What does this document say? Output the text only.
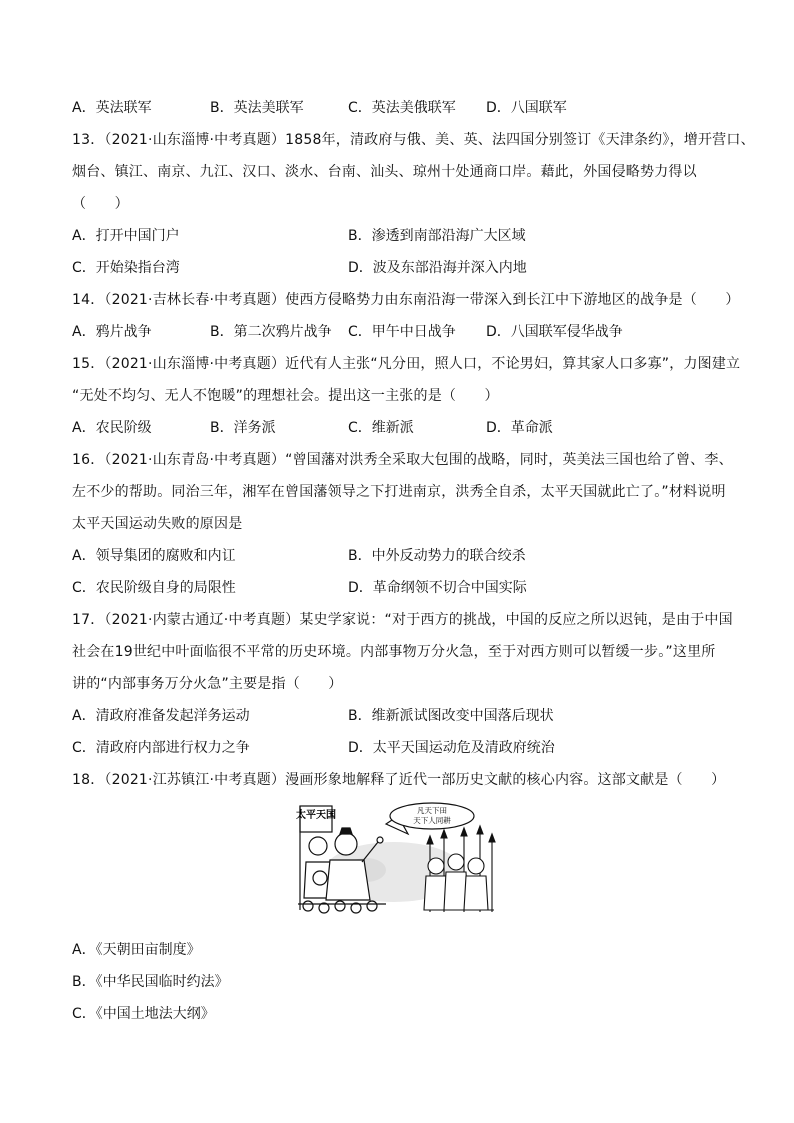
A．英法联军	B．英法美联军	C．英法美俄联军 D．八国联军
13．（2021·山东淄博·中考真题）1858年，清政府与俄、美、英、法四国分别签订《天津条约》，增开营口、
烟台、镇江、南京、九江、汉口、淡水、台南、汕头、琼州十处通商口岸。藉此，外国侵略势力得以
（　　）
A．打开中国门户	B．渗透到南部沿海广大区域
C．开始染指台湾	D．波及东部沿海并深入内地
14．（2021·吉林长春·中考真题）使西方侵略势力由东南沿海一带深入到长江中下游地区的战争是（　　）
A．鸦片战争	B．第二次鸦片战争 C．甲午中日战争 D．八国联军侵华战争
15．（2021·山东淄博·中考真题）近代有人主张“凡分田，照人口，不论男妇，算其家人口多寡”，力图建立
“无处不均匀、无人不饱暖”的理想社会。提出这一主张的是（　　）
A．农民阶级	B．洋务派	C．维新派	D．革命派
16．（2021·山东青岛·中考真题）“曾国藩对洪秀全采取大包围的战略，同时，英美法三国也给了曾、李、
左不少的帮助。同治三年，湘军在曾国藩领导之下打进南京，洪秀全自杀，太平天国就此亡了。”材料说明
太平天国运动失败的原因是
A．领导集团的腐败和内讧	B．中外反动势力的联合绞杀
C．农民阶级自身的局限性	D．革命纲领不切合中国实际
17．（2021·内蒙古通辽·中考真题）某史学家说：“对于西方的挑战，中国的反应之所以迟钝，是由于中国
社会在19世纪中叶面临很不平常的历史环境。内部事物万分火急，至于对西方则可以暂缓一步。”这里所
讲的“内部事务万分火急”主要是指（　　）
A．清政府准备发起洋务运动	B．维新派试图改变中国落后现状
C．清政府内部进行权力之争	D．太平天国运动危及清政府统治
18．（2021·江苏镇江·中考真题）漫画形象地解释了近代一部历史文献的核心内容。这部文献是（　　）
太平天国	凡天下田
天下人同耕
A．《天朝田亩制度》
B．《中华民国临时约法》
C．《中国土地法大纲》
